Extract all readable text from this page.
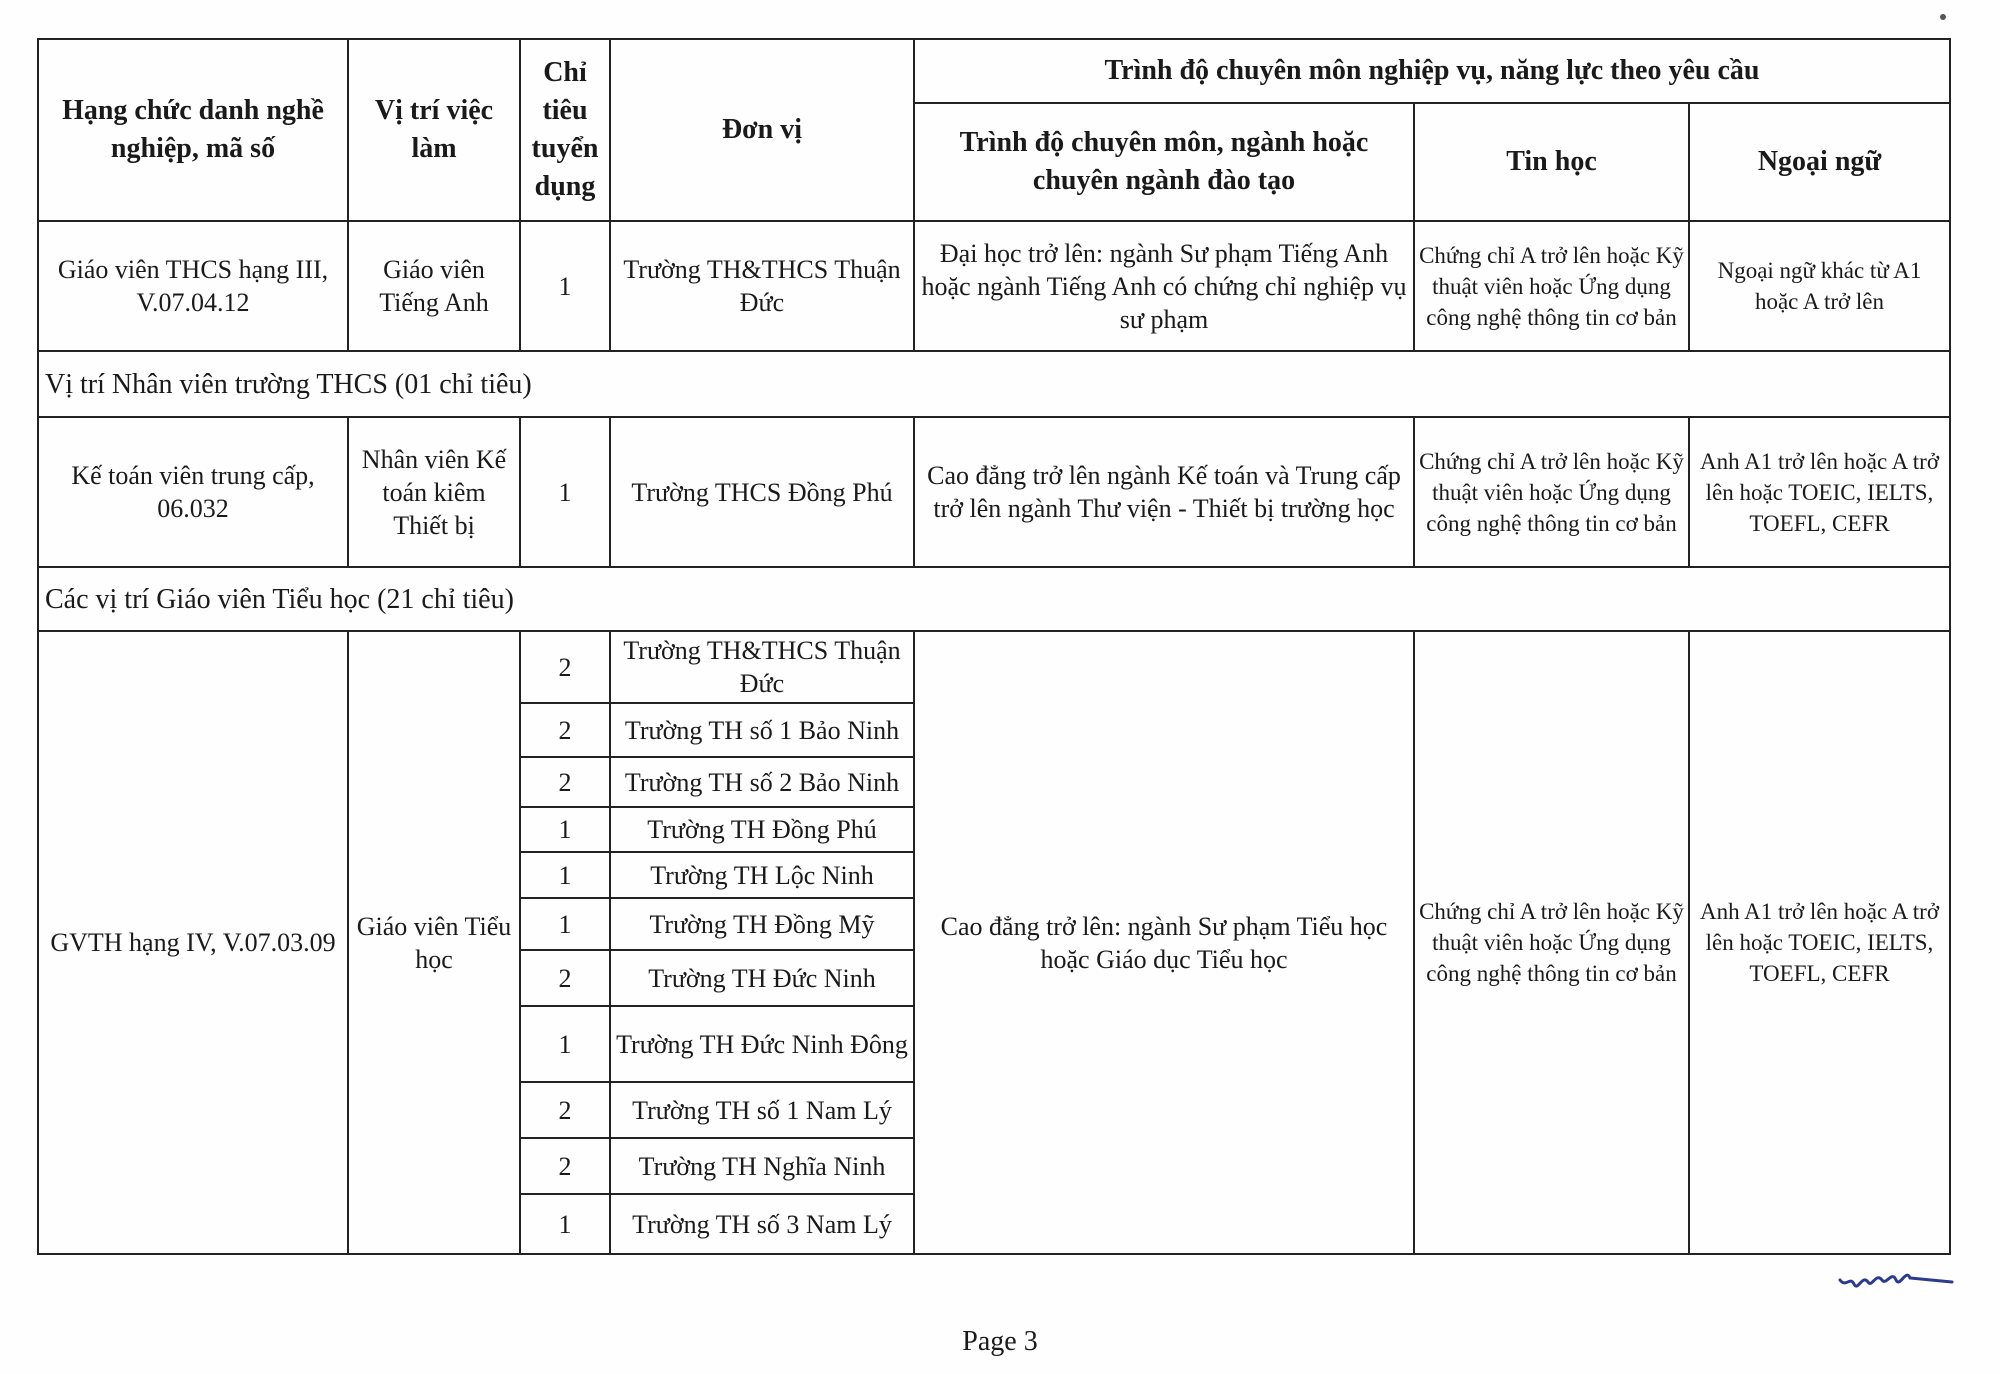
Hạng chức danh nghề nghiệp, mã số	Vị trí việc làm	Chỉ tiêu tuyển dụng	Đơn vị	Trình độ chuyên môn nghiệp vụ, năng lực theo yêu cầu		
				Trình độ chuyên môn, ngành hoặc chuyên ngành đào tạo	Tin học	Ngoại ngữ
Giáo viên THCS hạng III, V.07.04.12	Giáo viên Tiếng Anh	1	Trường TH&THCS Thuận Đức	Đại học trở lên: ngành Sư phạm Tiếng Anh hoặc ngành Tiếng Anh có chứng chỉ nghiệp vụ sư phạm	Chứng chỉ A trở lên hoặc Kỹ thuật viên hoặc Ứng dụng công nghệ thông tin cơ bản	Ngoại ngữ khác từ A1 hoặc A trở lên
Vị trí Nhân viên trường THCS (01 chỉ tiêu)						
Kế toán viên trung cấp, 06.032	Nhân viên Kế toán kiêm Thiết bị	1	Trường THCS Đồng Phú	Cao đẳng trở lên ngành Kế toán và Trung cấp trở lên ngành Thư viện - Thiết bị trường học	Chứng chỉ A trở lên hoặc Kỹ thuật viên hoặc Ứng dụng công nghệ thông tin cơ bản	Anh A1 trở lên hoặc A trở lên hoặc TOEIC, IELTS, TOEFL, CEFR
Các vị trí Giáo viên Tiểu học (21 chỉ tiêu)						
GVTH hạng IV, V.07.03.09	Giáo viên Tiểu học	2	Trường TH&THCS Thuận Đức	Cao đẳng trở lên: ngành Sư phạm Tiểu học hoặc Giáo dục Tiểu học	Chứng chỉ A trở lên hoặc Kỹ thuật viên hoặc Ứng dụng công nghệ thông tin cơ bản	Anh A1 trở lên hoặc A trở lên hoặc TOEIC, IELTS, TOEFL, CEFR
		2	Trường TH số 1 Bảo Ninh			
		2	Trường TH số 2 Bảo Ninh			
		1	Trường TH Đồng Phú			
		1	Trường TH Lộc Ninh			
		1	Trường TH Đồng Mỹ			
		2	Trường TH Đức Ninh			
		1	Trường TH Đức Ninh Đông			
		2	Trường TH số 1 Nam Lý			
		2	Trường TH Nghĩa Ninh			
		1	Trường TH số 3 Nam Lý			
Page 3
